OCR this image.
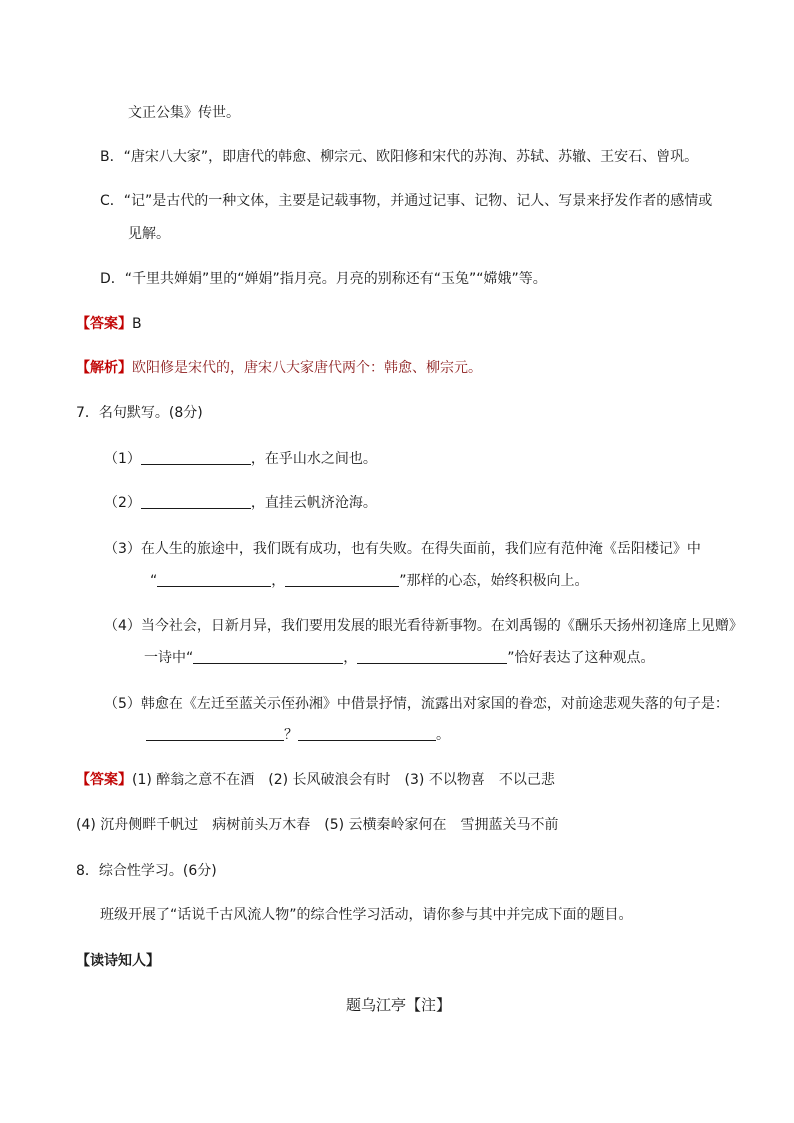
文正公集》传世。
B．“唐宋八大家”，即唐代的韩愈、柳宗元、欧阳修和宋代的苏洵、苏轼、苏辙、王安石、曾巩。
C．“记”是古代的一种文体，主要是记载事物，并通过记事、记物、记人、写景来抒发作者的感情或
见解。
D．“千里共婵娟”里的“婵娟”指月亮。月亮的别称还有“玉兔”“嫦娥”等。
【答案】B
【解析】欧阳修是宋代的，唐宋八大家唐代两个：韩愈、柳宗元。
7．名句默写。(8分)
（1）	，在乎山水之间也。
（2）	，直挂云帆济沧海。
（3）在人生的旅途中，我们既有成功，也有失败。在得失面前，我们应有范仲淹《岳阳楼记》中
“	，	”那样的心态，始终积极向上。
（4）当今社会，日新月异，我们要用发展的眼光看待新事物。在刘禹锡的《酬乐天扬州初逢席上见赠》
一诗中“	，	”恰好表达了这种观点。
（5）韩愈在《左迁至蓝关示侄孙湘》中借景抒情，流露出对家国的眷恋，对前途悲观失落的句子是：
？	。
【答案】(1) 醉翁之意不在酒　(2) 长风破浪会有时　(3) 不以物喜　不以己悲
(4) 沉舟侧畔千帆过　病树前头万木春　(5) 云横秦岭家何在　雪拥蓝关马不前
8．综合性学习。(6分)
班级开展了“话说千古风流人物”的综合性学习活动，请你参与其中并完成下面的题目。
【读诗知人】
题乌江亭【注】
